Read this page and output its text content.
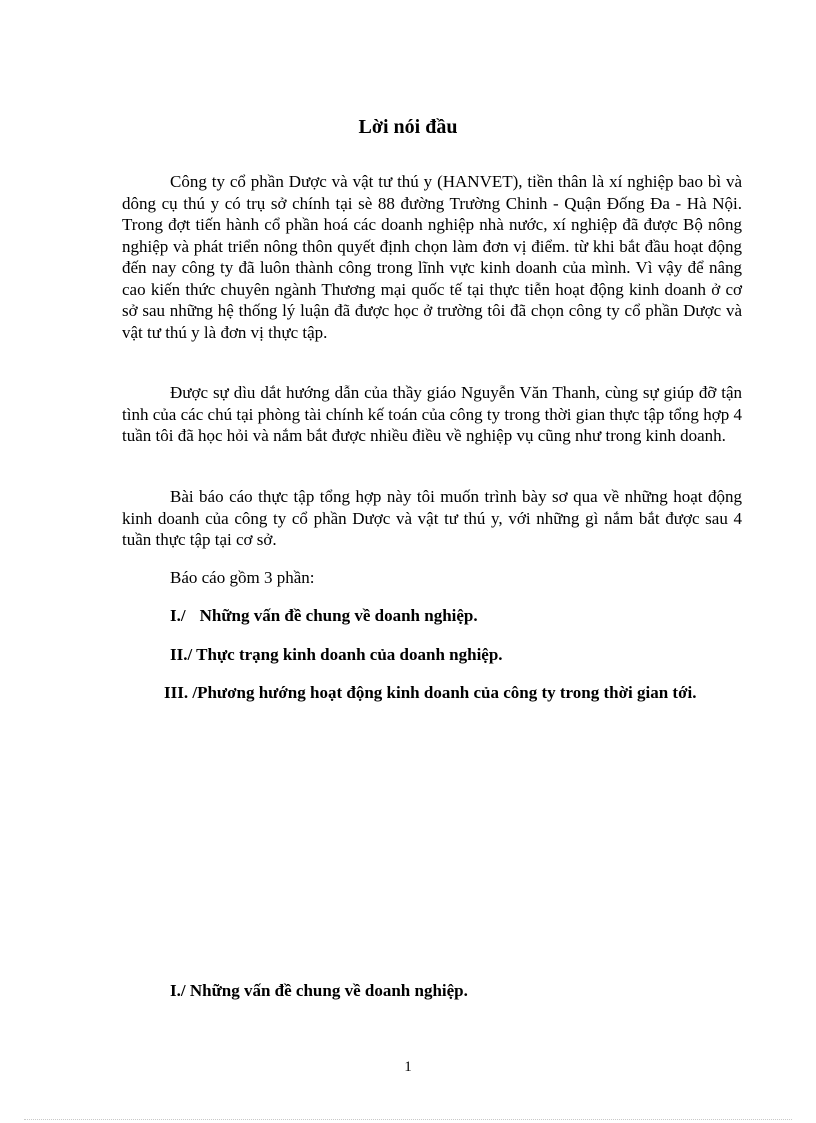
Lời nói đầu

Công ty cổ phần Dược và vật tư thú y (HANVET), tiền thân là xí nghiệp bao bì và dông cụ thú y có trụ sở chính tại sè 88 đường Trường Chinh - Quận Đống Đa - Hà Nội. Trong đợt tiến hành cổ phần hoá các doanh nghiệp nhà nước, xí nghiệp đã được Bộ nông nghiệp và phát triển nông thôn quyết định chọn làm đơn vị điểm. từ khi bắt đầu hoạt động đến nay công ty đã luôn thành công trong lĩnh vực kinh doanh của mình. Vì vậy để nâng cao kiến thức chuyên ngành Thương mại quốc tế tại thực tiễn hoạt động kinh doanh ở cơ sở sau những hệ thống lý luận đã được học ở trường tôi đã chọn công ty cổ phần Dược và vật tư thú y là đơn vị thực tập.

Được sự dìu dắt hướng dẫn của thầy giáo Nguyễn Văn Thanh, cùng sự giúp đỡ tận tình của các chú tại phòng tài chính kế toán của công ty trong thời gian thực tập tổng hợp 4 tuần tôi đã học hỏi và nắm bắt được nhiều điều về nghiệp vụ cũng như trong kinh doanh.

Bài báo cáo thực tập tổng hợp này tôi muốn trình bày sơ qua về những hoạt động kinh doanh của công ty cổ phần Dược và vật tư thú y, với những gì nắm bắt được sau 4 tuần thực tập tại cơ sở.

Báo cáo gồm 3 phần:

I./ Những vấn đề chung về doanh nghiệp.

II./ Thực trạng kinh doanh của doanh nghiệp.

III. /Phương hướng hoạt động kinh doanh của công ty trong thời gian tới.

I./ Những vấn đề chung về doanh nghiệp.

1
